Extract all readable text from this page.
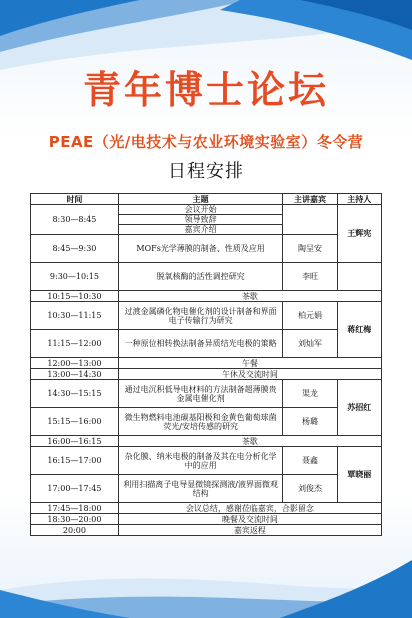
青年博士论坛
PEAE（光/电技术与农业环境实验室）冬令营
日程安排
时间	主题	主讲嘉宾	主持人
8:30—8:45	会议开始		王辉宪
	领导致辞		
	嘉宾介绍		
8:45—9:30	MOFs光学薄膜的制备、性质及应用	陶呈安	
9:30—10:15	脱氧核酶的活性调控研究	李旺	
10:15—10:30	茶歇		
10:30—11:15	过渡金属磷化物电催化剂的设计制备和界面电子传输行为研究	柏元娟	蒋红梅
11:15—12:00	一种原位相转换法制备异质结光电极的策略	刘灿军	
12:00—13:00	午餐		
13:00—14:30	午休及交流时间		
14:30—15:15	通过电沉积低导电材料的方法制备超薄膜贵金属电催化剂	渠龙	苏招红
15:15—16:00	微生物燃料电池碳基阳极和金黄色葡萄球菌荧光/安培传感的研究	杨璐	
16:00—16:15	茶歇		
16:15—17:00	杂化膜、纳米电极的制备及其在电分析化学中的应用	聂鑫	覃晓丽
17:00—17:45	利用扫描离子电导显微镜探测液/液界面微观结构	刘俊杰	
17:45—18:00	会议总结，感谢莅临嘉宾，合影留念		
18:30—20:00	晚餐及交流时间		
20:00	嘉宾返程		
